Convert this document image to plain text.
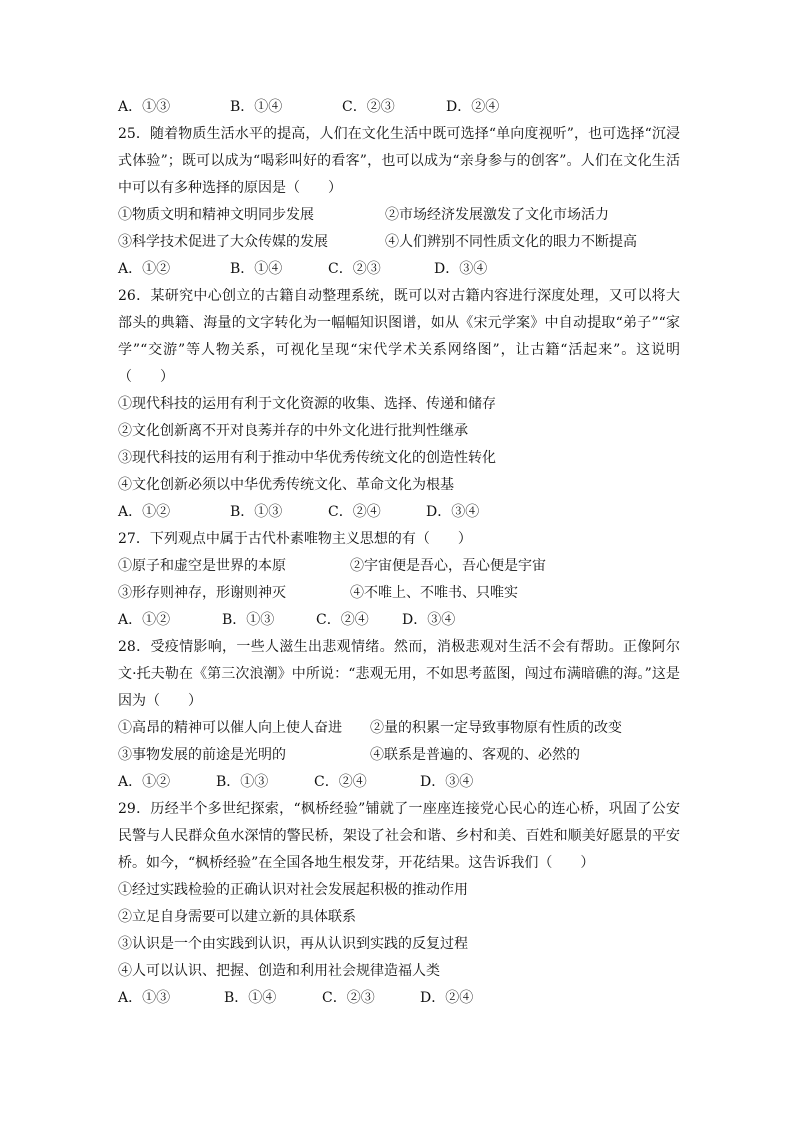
A．①③	B．①④	C．②③	D．②④
25．随着物质生活水平的提高，人们在文化生活中既可选择“单向度视听”，也可选择“沉浸式体验”；既可以成为“喝彩叫好的看客”，也可以成为“亲身参与的创客”。人们在文化生活中可以有多种选择的原因是（　　）
①物质文明和精神文明同步发展	②市场经济发展激发了文化市场活力
③科学技术促进了大众传媒的发展	④人们辨别不同性质文化的眼力不断提高
A．①②	B．①④	C．②③	D．③④
26．某研究中心创立的古籍自动整理系统，既可以对古籍内容进行深度处理，又可以将大部头的典籍、海量的文字转化为一幅幅知识图谱，如从《宋元学案》中自动提取“弟子”“家学”“交游”等人物关系，可视化呈现“宋代学术关系网络图”，让古籍“活起来”。这说明（　　）
①现代科技的运用有利于文化资源的收集、选择、传递和储存
②文化创新离不开对良莠并存的中外文化进行批判性继承
③现代科技的运用有利于推动中华优秀传统文化的创造性转化
④文化创新必须以中华优秀传统文化、革命文化为根基
A．①②	B．①③	C．②④	D．③④
27．下列观点中属于古代朴素唯物主义思想的有（　　）
①原子和虚空是世界的本原	②宇宙便是吾心，吾心便是宇宙
③形存则神存，形谢则神灭	④不唯上、不唯书、只唯实
A．①②	B．①③	C．②④	D．③④
28．受疫情影响，一些人滋生出悲观情绪。然而，消极悲观对生活不会有帮助。正像阿尔文·托夫勒在《第三次浪潮》中所说：“悲观无用，不如思考蓝图，闯过布满暗礁的海。”这是因为（　　）
①高昂的精神可以催人向上使人奋进	②量的积累一定导致事物原有性质的改变
③事物发展的前途是光明的	④联系是普遍的、客观的、必然的
A．①②	B．①③	C．②④	D．③④
29．历经半个多世纪探索，“枫桥经验”铺就了一座座连接党心民心的连心桥，巩固了公安民警与人民群众鱼水深情的警民桥，架设了社会和谐、乡村和美、百姓和顺美好愿景的平安桥。如今，“枫桥经验”在全国各地生根发芽，开花结果。这告诉我们（　　）
①经过实践检验的正确认识对社会发展起积极的推动作用
②立足自身需要可以建立新的具体联系
③认识是一个由实践到认识，再从认识到实践的反复过程
④人可以认识、把握、创造和利用社会规律造福人类
A．①③	B．①④	C．②③	D．②④
